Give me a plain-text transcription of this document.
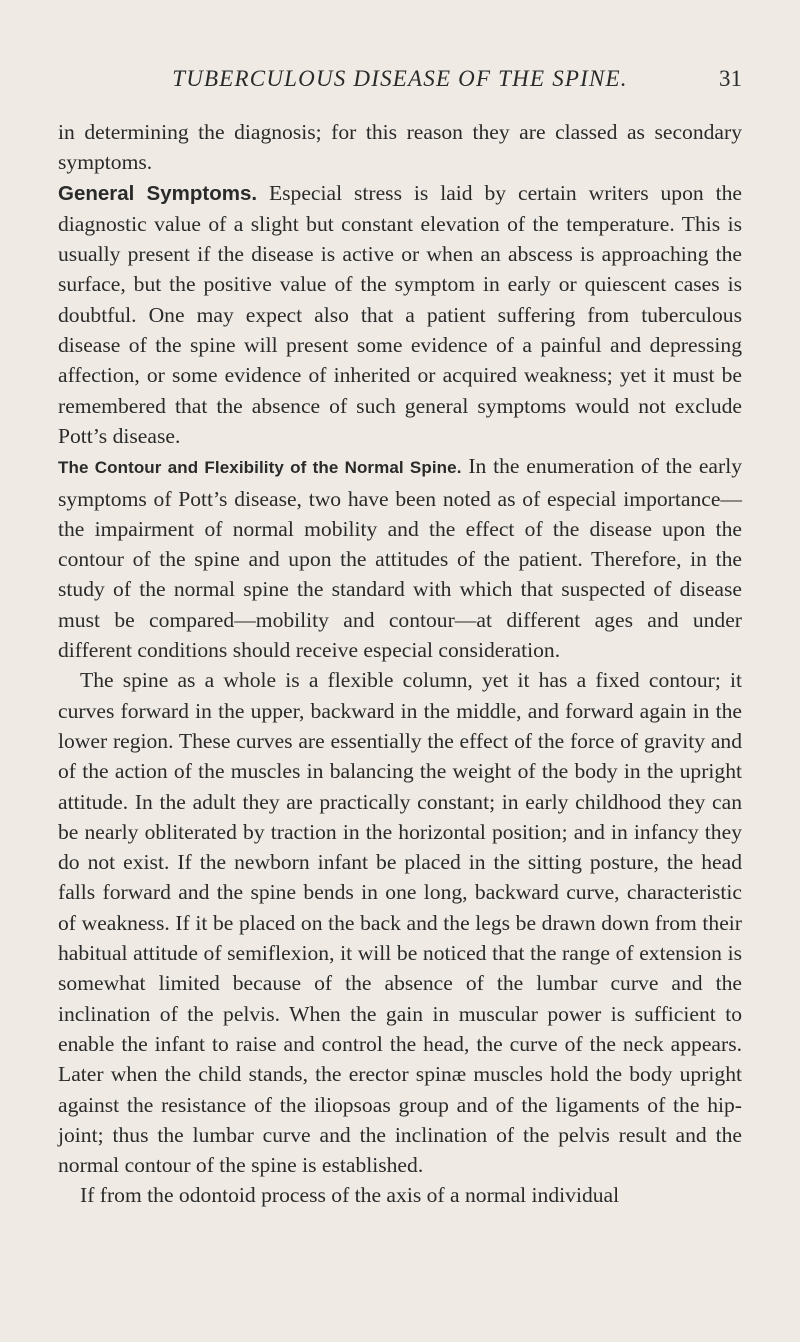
TUBERCULOUS DISEASE OF THE SPINE.	31

in determining the diagnosis; for this reason they are classed as secondary symptoms.

General Symptoms. Especial stress is laid by certain writers upon the diagnostic value of a slight but constant elevation of the temperature. This is usually present if the disease is active or when an abscess is approaching the surface, but the positive value of the symptom in early or quiescent cases is doubtful. One may expect also that a patient suffering from tuberculous disease of the spine will present some evidence of a painful and depressing affection, or some evidence of inherited or acquired weakness; yet it must be remembered that the absence of such general symptoms would not exclude Pott’s disease.

The Contour and Flexibility of the Normal Spine. In the enumeration of the early symptoms of Pott’s disease, two have been noted as of especial importance—the impairment of normal mobility and the effect of the disease upon the contour of the spine and upon the attitudes of the patient. Therefore, in the study of the normal spine the standard with which that suspected of disease must be compared—mobility and contour—at different ages and under different conditions should receive especial consideration.

The spine as a whole is a flexible column, yet it has a fixed contour; it curves forward in the upper, backward in the middle, and forward again in the lower region. These curves are essentially the effect of the force of gravity and of the action of the muscles in balancing the weight of the body in the upright attitude. In the adult they are practically constant; in early childhood they can be nearly obliterated by traction in the horizontal position; and in infancy they do not exist. If the newborn infant be placed in the sitting posture, the head falls forward and the spine bends in one long, backward curve, characteristic of weakness. If it be placed on the back and the legs be drawn down from their habitual attitude of semiflexion, it will be noticed that the range of extension is somewhat limited because of the absence of the lumbar curve and the inclination of the pelvis. When the gain in muscular power is sufficient to enable the infant to raise and control the head, the curve of the neck appears. Later when the child stands, the erector spinæ muscles hold the body upright against the resistance of the iliopsoas group and of the ligaments of the hip-joint; thus the lumbar curve and the inclination of the pelvis result and the normal contour of the spine is established.

If from the odontoid process of the axis of a normal individual
